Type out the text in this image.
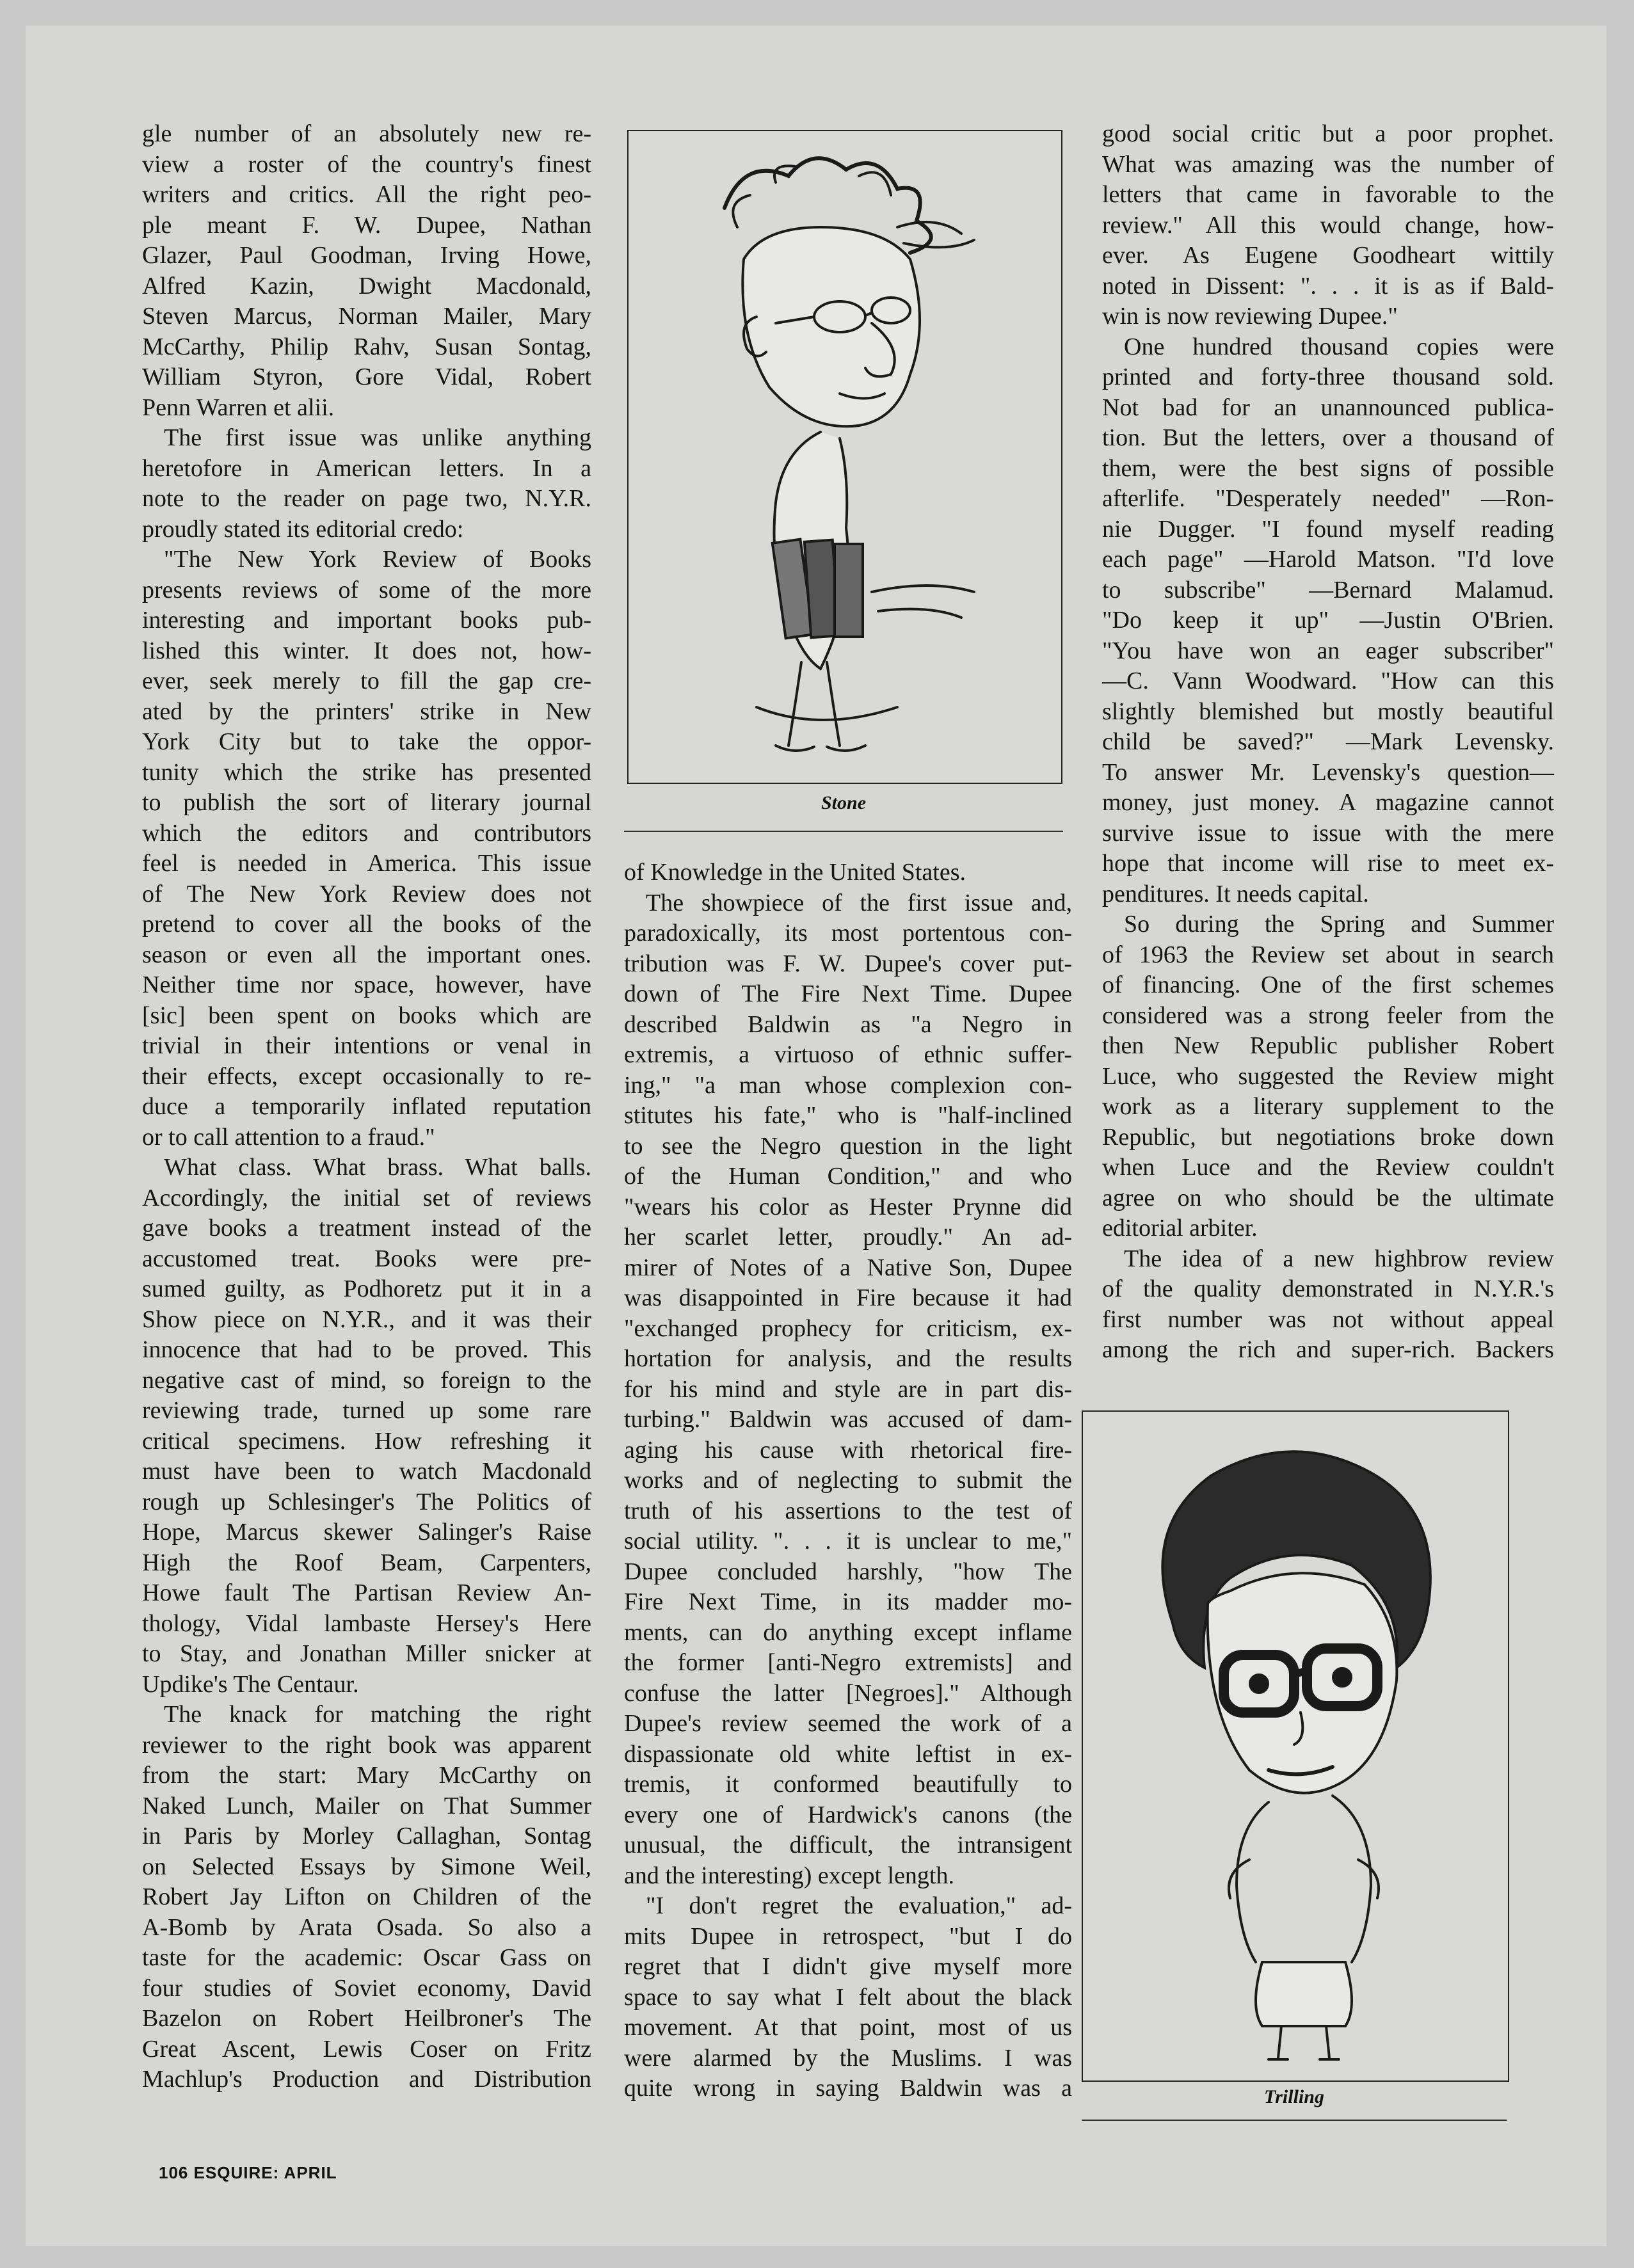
gle number of an absolutely new re-
view a roster of the country's finest
writers and critics. All the right peo-
ple meant F. W. Dupee, Nathan
Glazer, Paul Goodman, Irving Howe,
Alfred Kazin, Dwight Macdonald,
Steven Marcus, Norman Mailer, Mary
McCarthy, Philip Rahv, Susan Sontag,
William Styron, Gore Vidal, Robert
Penn Warren et alii.
The first issue was unlike anything
heretofore in American letters. In a
note to the reader on page two, N.Y.R.
proudly stated its editorial credo:
"The New York Review of Books
presents reviews of some of the more
interesting and important books pub-
lished this winter. It does not, how-
ever, seek merely to fill the gap cre-
ated by the printers' strike in New
York City but to take the oppor-
tunity which the strike has presented
to publish the sort of literary journal
which the editors and contributors
feel is needed in America. This issue
of The New York Review does not
pretend to cover all the books of the
season or even all the important ones.
Neither time nor space, however, have
[sic] been spent on books which are
trivial in their intentions or venal in
their effects, except occasionally to re-
duce a temporarily inflated reputation
or to call attention to a fraud."
What class. What brass. What balls.
Accordingly, the initial set of reviews
gave books a treatment instead of the
accustomed treat. Books were pre-
sumed guilty, as Podhoretz put it in a
Show piece on N.Y.R., and it was their
innocence that had to be proved. This
negative cast of mind, so foreign to the
reviewing trade, turned up some rare
critical specimens. How refreshing it
must have been to watch Macdonald
rough up Schlesinger's The Politics of
Hope, Marcus skewer Salinger's Raise
High the Roof Beam, Carpenters,
Howe fault The Partisan Review An-
thology, Vidal lambaste Hersey's Here
to Stay, and Jonathan Miller snicker at
Updike's The Centaur.
The knack for matching the right
reviewer to the right book was apparent
from the start: Mary McCarthy on
Naked Lunch, Mailer on That Summer
in Paris by Morley Callaghan, Sontag
on Selected Essays by Simone Weil,
Robert Jay Lifton on Children of the
A-Bomb by Arata Osada. So also a
taste for the academic: Oscar Gass on
four studies of Soviet economy, David
Bazelon on Robert Heilbroner's The
Great Ascent, Lewis Coser on Fritz
Machlup's Production and Distribution
Stone
of Knowledge in the United States.
The showpiece of the first issue and,
paradoxically, its most portentous con-
tribution was F. W. Dupee's cover put-
down of The Fire Next Time. Dupee
described Baldwin as "a Negro in
extremis, a virtuoso of ethnic suffer-
ing," "a man whose complexion con-
stitutes his fate," who is "half-inclined
to see the Negro question in the light
of the Human Condition," and who
"wears his color as Hester Prynne did
her scarlet letter, proudly." An ad-
mirer of Notes of a Native Son, Dupee
was disappointed in Fire because it had
"exchanged prophecy for criticism, ex-
hortation for analysis, and the results
for his mind and style are in part dis-
turbing." Baldwin was accused of dam-
aging his cause with rhetorical fire-
works and of neglecting to submit the
truth of his assertions to the test of
social utility. ". . . it is unclear to me,"
Dupee concluded harshly, "how The
Fire Next Time, in its madder mo-
ments, can do anything except inflame
the former [anti-Negro extremists] and
confuse the latter [Negroes]." Although
Dupee's review seemed the work of a
dispassionate old white leftist in ex-
tremis, it conformed beautifully to
every one of Hardwick's canons (the
unusual, the difficult, the intransigent
and the interesting) except length.
"I don't regret the evaluation," ad-
mits Dupee in retrospect, "but I do
regret that I didn't give myself more
space to say what I felt about the black
movement. At that point, most of us
were alarmed by the Muslims. I was
quite wrong in saying Baldwin was a
good social critic but a poor prophet.
What was amazing was the number of
letters that came in favorable to the
review." All this would change, how-
ever. As Eugene Goodheart wittily
noted in Dissent: ". . . it is as if Bald-
win is now reviewing Dupee."
One hundred thousand copies were
printed and forty-three thousand sold.
Not bad for an unannounced publica-
tion. But the letters, over a thousand of
them, were the best signs of possible
afterlife. "Desperately needed" —Ron-
nie Dugger. "I found myself reading
each page" —Harold Matson. "I'd love
to subscribe" —Bernard Malamud.
"Do keep it up" —Justin O'Brien.
"You have won an eager subscriber"
—C. Vann Woodward. "How can this
slightly blemished but mostly beautiful
child be saved?" —Mark Levensky.
To answer Mr. Levensky's question—
money, just money. A magazine cannot
survive issue to issue with the mere
hope that income will rise to meet ex-
penditures. It needs capital.
So during the Spring and Summer
of 1963 the Review set about in search
of financing. One of the first schemes
considered was a strong feeler from the
then New Republic publisher Robert
Luce, who suggested the Review might
work as a literary supplement to the
Republic, but negotiations broke down
when Luce and the Review couldn't
agree on who should be the ultimate
editorial arbiter.
The idea of a new highbrow review
of the quality demonstrated in N.Y.R.'s
first number was not without appeal
among the rich and super-rich. Backers
Trilling
106 ESQUIRE: APRIL
